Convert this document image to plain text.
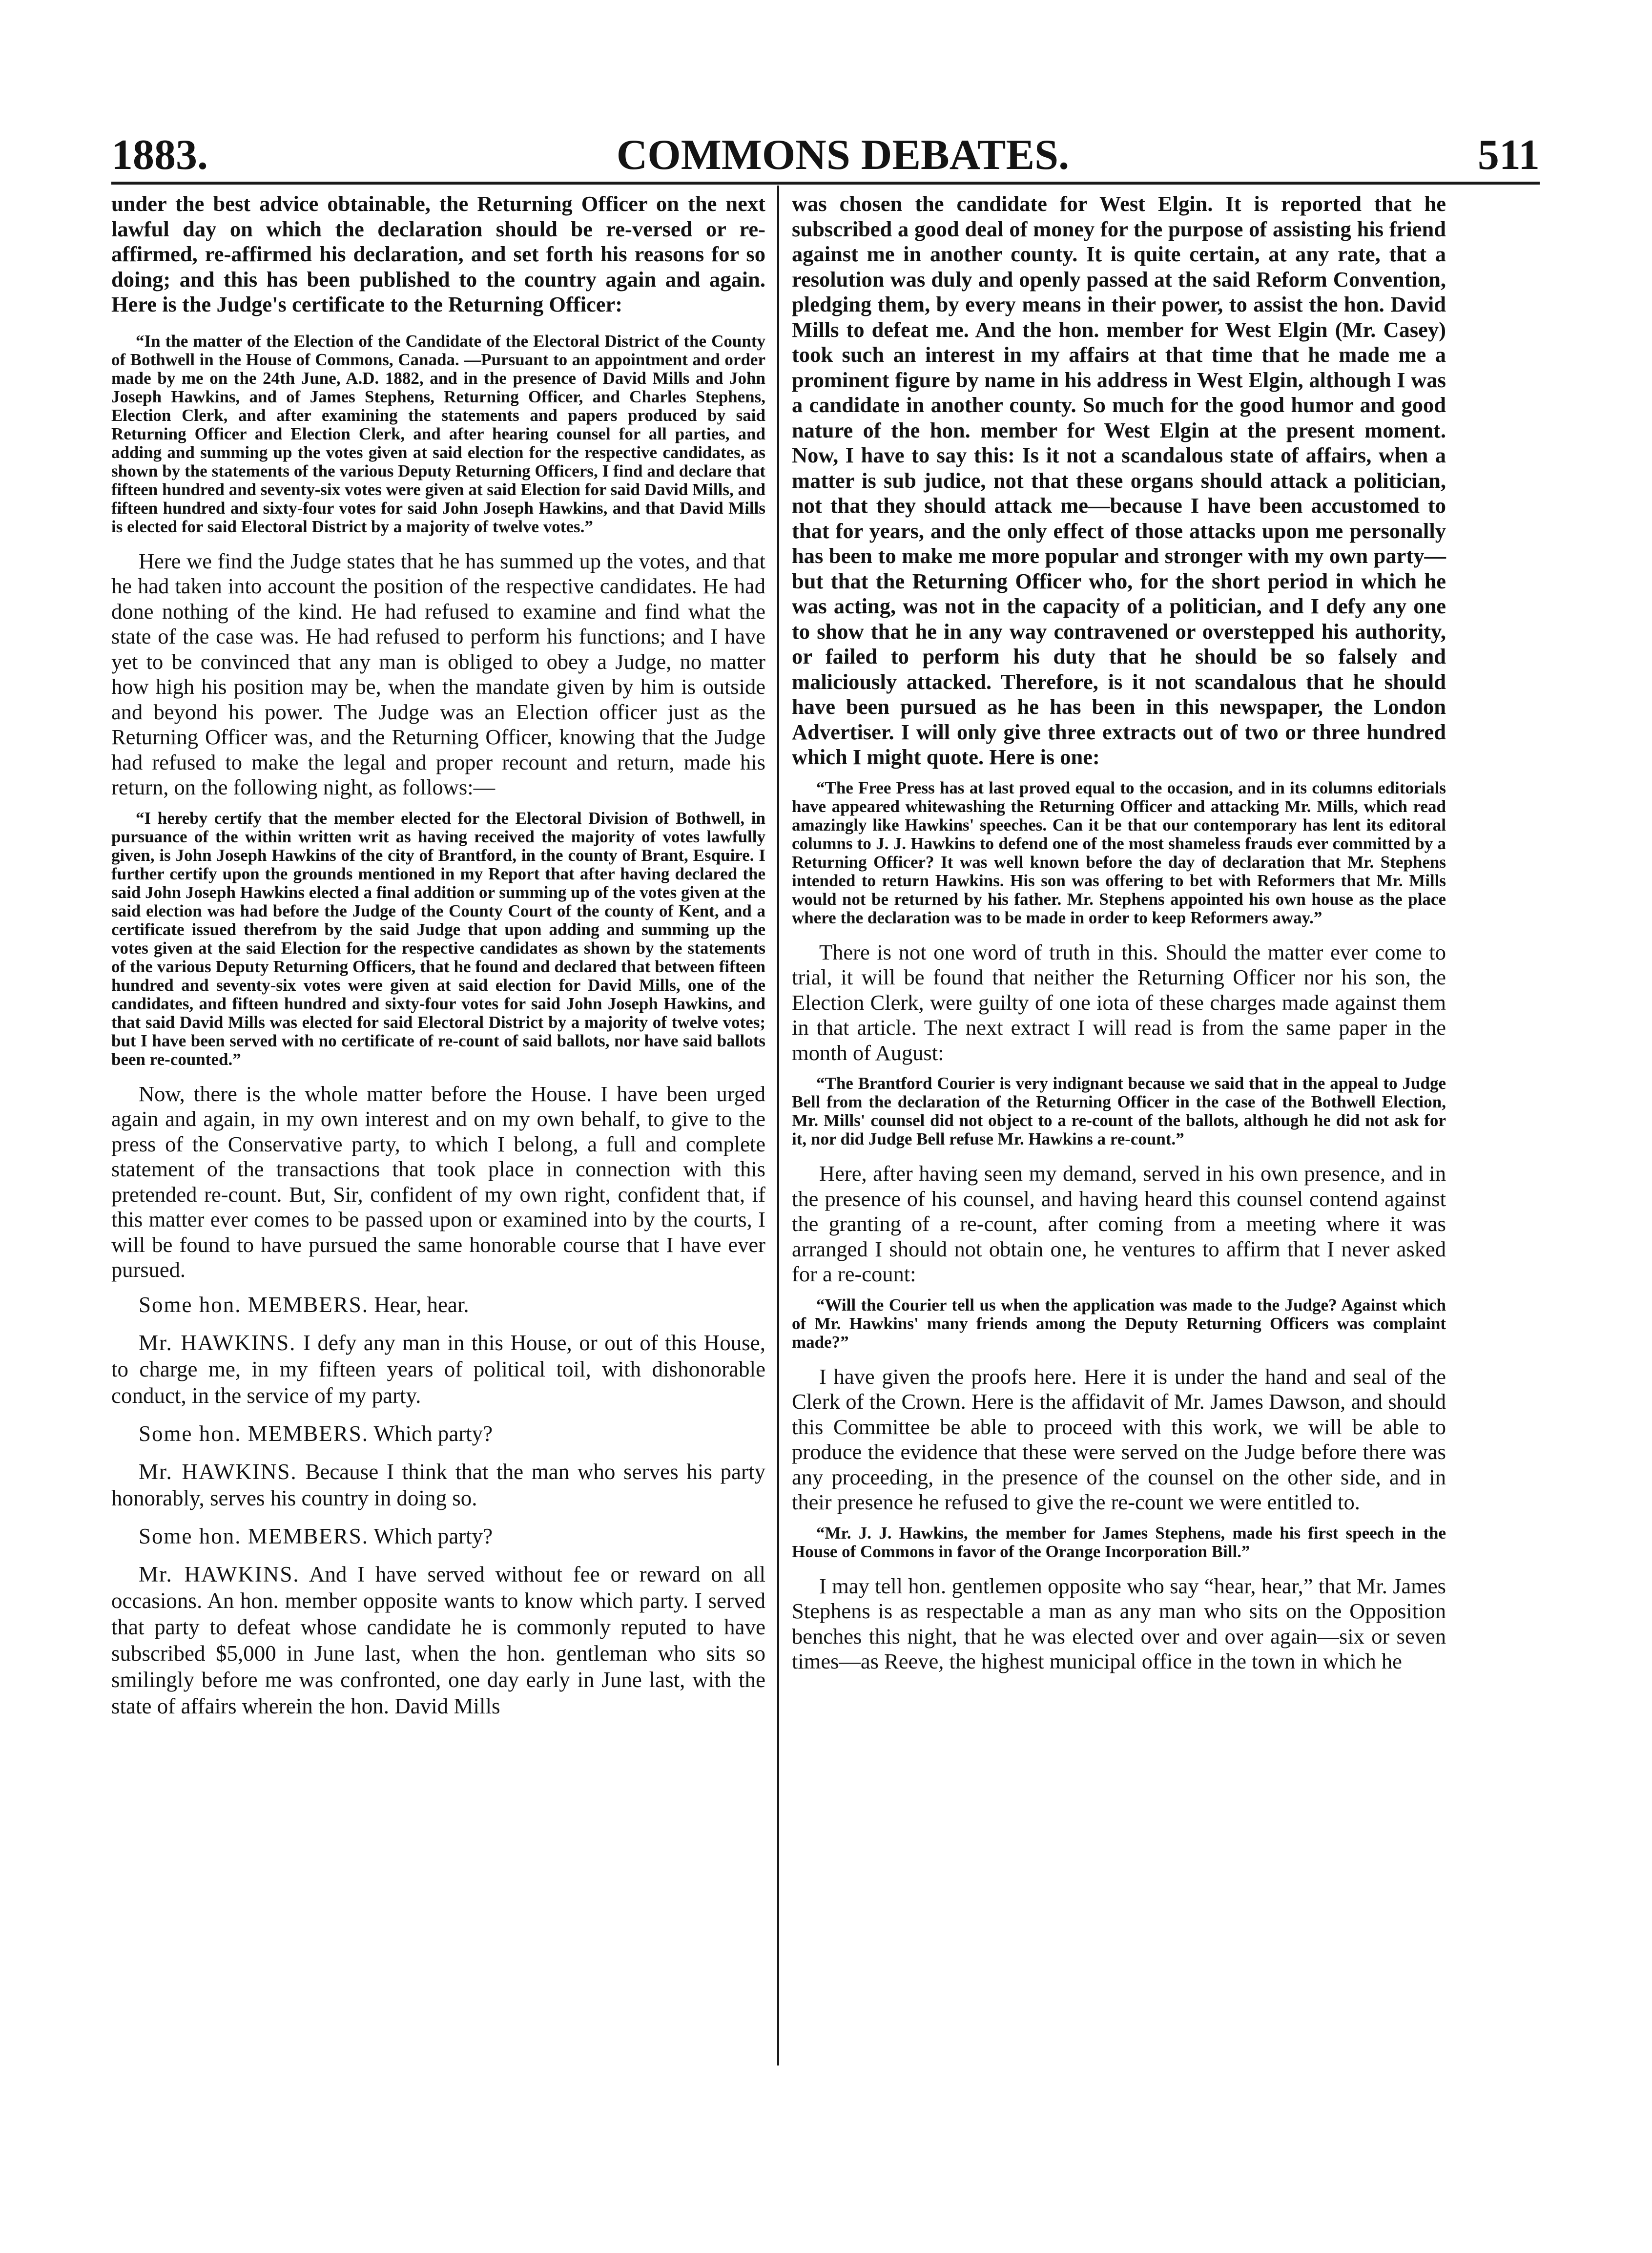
1883.	COMMONS DEBATES.	511

under the best advice obtainable, the Returning Officer on the next lawful day on which the declaration should be re-versed or re-affirmed, re-affirmed his declaration, and set forth his reasons for so doing; and this has been published to the country again and again. Here is the Judge's certificate to the Returning Officer:

“In the matter of the Election of the Candidate of the Electoral District of the County of Bothwell in the House of Commons, Canada. —Pursuant to an appointment and order made by me on the 24th June, A.D. 1882, and in the presence of David Mills and John Joseph Hawkins, and of James Stephens, Returning Officer, and Charles Stephens, Election Clerk, and after examining the statements and papers produced by said Returning Officer and Election Clerk, and after hearing counsel for all parties, and adding and summing up the votes given at said election for the respective candidates, as shown by the statements of the various Deputy Returning Officers, I find and declare that fifteen hundred and seventy-six votes were given at said Election for said David Mills, and fifteen hundred and sixty-four votes for said John Joseph Hawkins, and that David Mills is elected for said Electoral District by a majority of twelve votes.”

Here we find the Judge states that he has summed up the votes, and that he had taken into account the position of the respective candidates. He had done nothing of the kind. He had refused to examine and find what the state of the case was. He had refused to perform his functions; and I have yet to be convinced that any man is obliged to obey a Judge, no matter how high his position may be, when the mandate given by him is outside and beyond his power. The Judge was an Election officer just as the Returning Officer was, and the Returning Officer, knowing that the Judge had refused to make the legal and proper recount and return, made his return, on the following night, as follows:—

“I hereby certify that the member elected for the Electoral Division of Bothwell, in pursuance of the within written writ as having received the majority of votes lawfully given, is John Joseph Hawkins of the city of Brantford, in the county of Brant, Esquire. I further certify upon the grounds mentioned in my Report that after having declared the said John Joseph Hawkins elected a final addition or summing up of the votes given at the said election was had before the Judge of the County Court of the county of Kent, and a certificate issued therefrom by the said Judge that upon adding and summing up the votes given at the said Election for the respective candidates as shown by the statements of the various Deputy Returning Officers, that he found and declared that between fifteen hundred and seventy-six votes were given at said election for David Mills, one of the candidates, and fifteen hundred and sixty-four votes for said John Joseph Hawkins, and that said David Mills was elected for said Electoral District by a majority of twelve votes; but I have been served with no certificate of re-count of said ballots, nor have said ballots been re-counted.”

Now, there is the whole matter before the House. I have been urged again and again, in my own interest and on my own behalf, to give to the press of the Conservative party, to which I belong, a full and complete statement of the transactions that took place in connection with this pretended re-count. But, Sir, confident of my own right, confident that, if this matter ever comes to be passed upon or examined into by the courts, I will be found to have pursued the same honorable course that I have ever pursued.

Some hon. MEMBERS. Hear, hear.

Mr. HAWKINS. I defy any man in this House, or out of this House, to charge me, in my fifteen years of political toil, with dishonorable conduct, in the service of my party.

Some hon. MEMBERS. Which party?

Mr. HAWKINS. Because I think that the man who serves his party honorably, serves his country in doing so.

Some hon. MEMBERS. Which party?

Mr. HAWKINS. And I have served without fee or reward on all occasions. An hon. member opposite wants to know which party. I served that party to defeat whose candidate he is commonly reputed to have subscribed $5,000 in June last, when the hon. gentleman who sits so smilingly before me was confronted, one day early in June last, with the state of affairs wherein the hon. David Mills

was chosen the candidate for West Elgin. It is reported that he subscribed a good deal of money for the purpose of assisting his friend against me in another county. It is quite certain, at any rate, that a resolution was duly and openly passed at the said Reform Convention, pledging them, by every means in their power, to assist the hon. David Mills to defeat me. And the hon. member for West Elgin (Mr. Casey) took such an interest in my affairs at that time that he made me a prominent figure by name in his address in West Elgin, although I was a candidate in another county. So much for the good humor and good nature of the hon. member for West Elgin at the present moment. Now, I have to say this: Is it not a scandalous state of affairs, when a matter is sub judice, not that these organs should attack a politician, not that they should attack me—because I have been accustomed to that for years, and the only effect of those attacks upon me personally has been to make me more popular and stronger with my own party—but that the Returning Officer who, for the short period in which he was acting, was not in the capacity of a politician, and I defy any one to show that he in any way contravened or overstepped his authority, or failed to perform his duty that he should be so falsely and maliciously attacked. Therefore, is it not scandalous that he should have been pursued as he has been in this newspaper, the London Advertiser. I will only give three extracts out of two or three hundred which I might quote. Here is one:

“The Free Press has at last proved equal to the occasion, and in its columns editorials have appeared whitewashing the Returning Officer and attacking Mr. Mills, which read amazingly like Hawkins' speeches. Can it be that our contemporary has lent its editoral columns to J. J. Hawkins to defend one of the most shameless frauds ever committed by a Returning Officer? It was well known before the day of declaration that Mr. Stephens intended to return Hawkins. His son was offering to bet with Reformers that Mr. Mills would not be returned by his father. Mr. Stephens appointed his own house as the place where the declaration was to be made in order to keep Reformers away.”

There is not one word of truth in this. Should the matter ever come to trial, it will be found that neither the Returning Officer nor his son, the Election Clerk, were guilty of one iota of these charges made against them in that article. The next extract I will read is from the same paper in the month of August:

“The Brantford Courier is very indignant because we said that in the appeal to Judge Bell from the declaration of the Returning Officer in the case of the Bothwell Election, Mr. Mills' counsel did not object to a re-count of the ballots, although he did not ask for it, nor did Judge Bell refuse Mr. Hawkins a re-count.”

Here, after having seen my demand, served in his own presence, and in the presence of his counsel, and having heard this counsel contend against the granting of a re-count, after coming from a meeting where it was arranged I should not obtain one, he ventures to affirm that I never asked for a re-count:

“Will the Courier tell us when the application was made to the Judge? Against which of Mr. Hawkins' many friends among the Deputy Returning Officers was complaint made?”

I have given the proofs here. Here it is under the hand and seal of the Clerk of the Crown. Here is the affidavit of Mr. James Dawson, and should this Committee be able to proceed with this work, we will be able to produce the evidence that these were served on the Judge before there was any proceeding, in the presence of the counsel on the other side, and in their presence he refused to give the re-count we were entitled to.

“Mr. J. J. Hawkins, the member for James Stephens, made his first speech in the House of Commons in favor of the Orange Incorporation Bill.”

I may tell hon. gentlemen opposite who say “hear, hear,” that Mr. James Stephens is as respectable a man as any man who sits on the Opposition benches this night, that he was elected over and over again—six or seven times—as Reeve, the highest municipal office in the town in which he
